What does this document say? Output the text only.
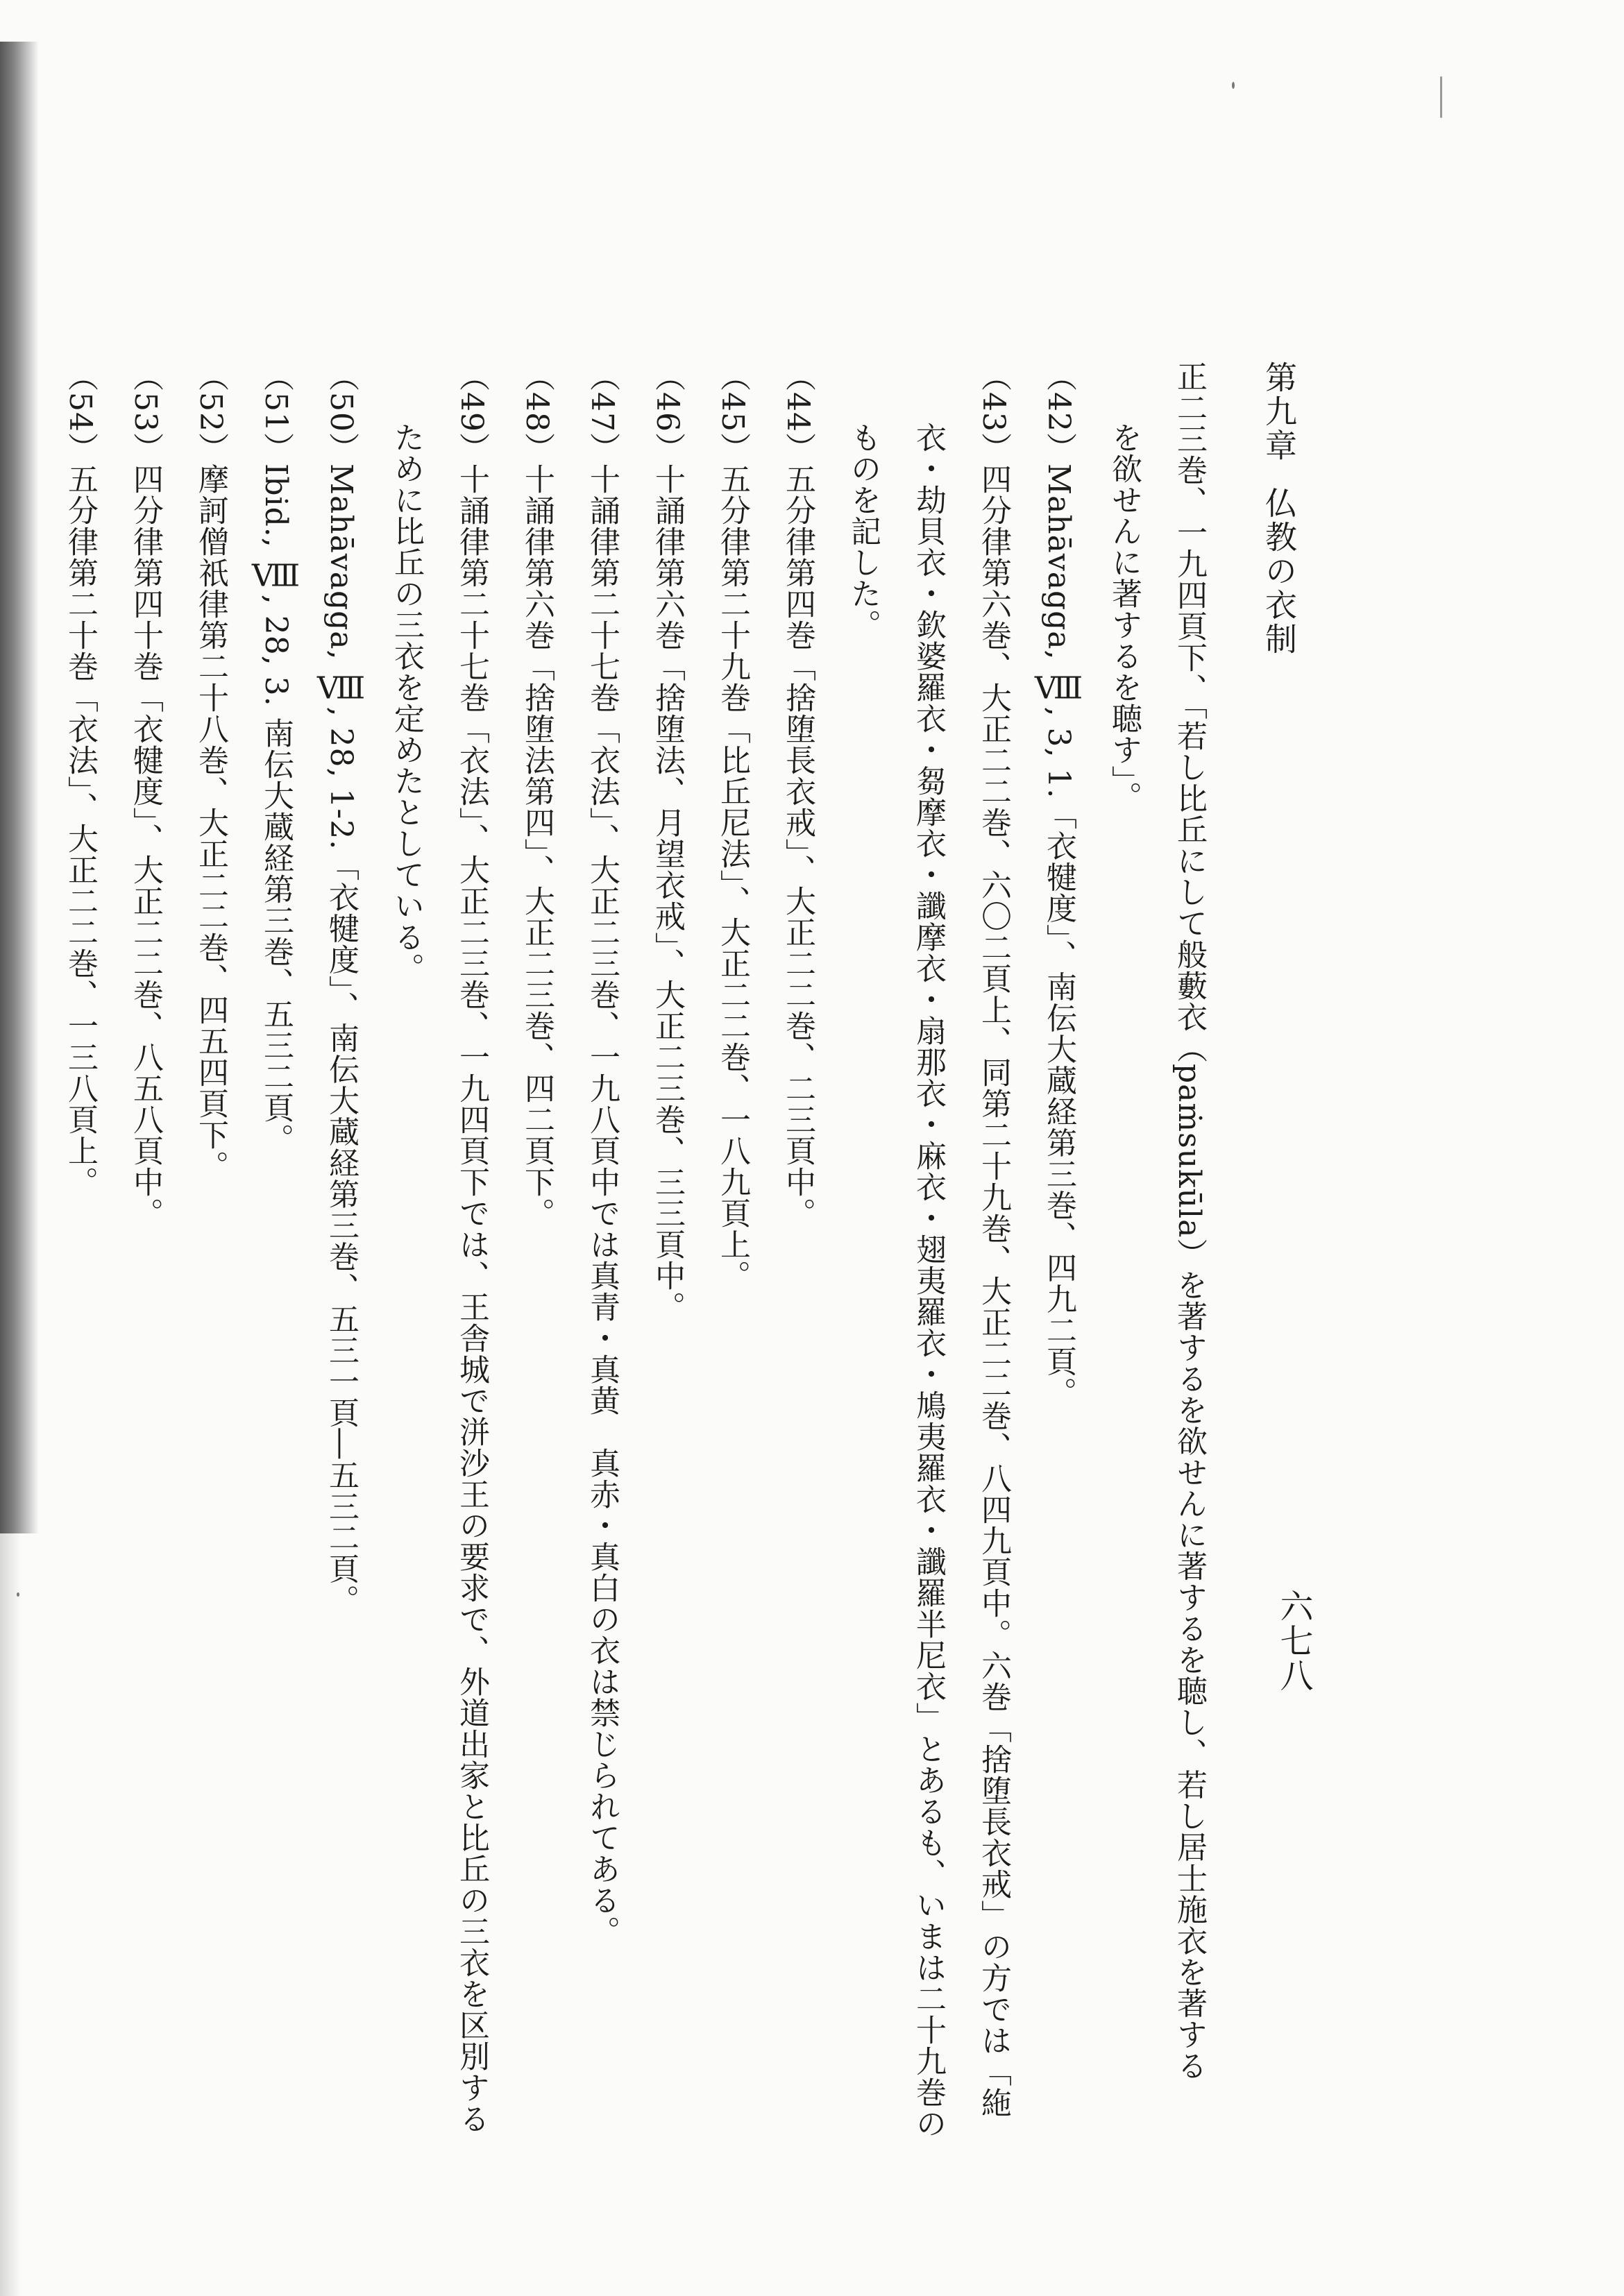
六七八
第九章仏教の衣制

正二三巻、一九四頁下、「若し比丘にして般藪衣（paṁsukūla）を著するを欲せんに著するを聴し、若し居士施衣を著する

を欲せんに著するを聴す」。

（42）Mahāvagga, Ⅷ, 3, 1.「衣犍度」、南伝大蔵経第三巻、四九二頁。

（43）四分律第六巻、大正二二巻、六〇二頁上、同第二十九巻、大正二二巻、八四九頁中。六巻「捨堕長衣戒」の方では「絁

衣・劫貝衣・欽婆羅衣・芻摩衣・讖摩衣・扇那衣・麻衣・翅夷羅衣・鳩夷羅衣・讖羅半尼衣」とあるも、いまは二十九巻の

ものを記した。

（44）五分律第四巻「捨堕長衣戒」、大正二二巻、二三頁中。

（45）五分律第二十九巻「比丘尼法」、大正二二巻、一八九頁上。

（46）十誦律第六巻「捨堕法、月望衣戒」、大正二三巻、三三頁中。

（47）十誦律第二十七巻「衣法」、大正二三巻、一九八頁中では真青・真黄　真赤・真白の衣は禁じられてある。

（48）十誦律第六巻「捨堕法第四」、大正二三巻、四二頁下。

（49）十誦律第二十七巻「衣法」、大正二三巻、一九四頁下では、王舎城で洴沙王の要求で、外道出家と比丘の三衣を区別する

ために比丘の三衣を定めたとしている。

（50）Mahāvagga, Ⅷ, 28, 1-2.「衣犍度」、南伝大蔵経第三巻、五三一頁―五三二頁。

（51）Ibid., Ⅷ, 28, 3. 南伝大蔵経第三巻、五三二頁。

（52）摩訶僧祇律第二十八巻、大正二二巻、四五四頁下。

（53）四分律第四十巻「衣犍度」、大正二二巻、八五八頁中。

（54）五分律第二十巻「衣法」、大正二二巻、一三八頁上。
